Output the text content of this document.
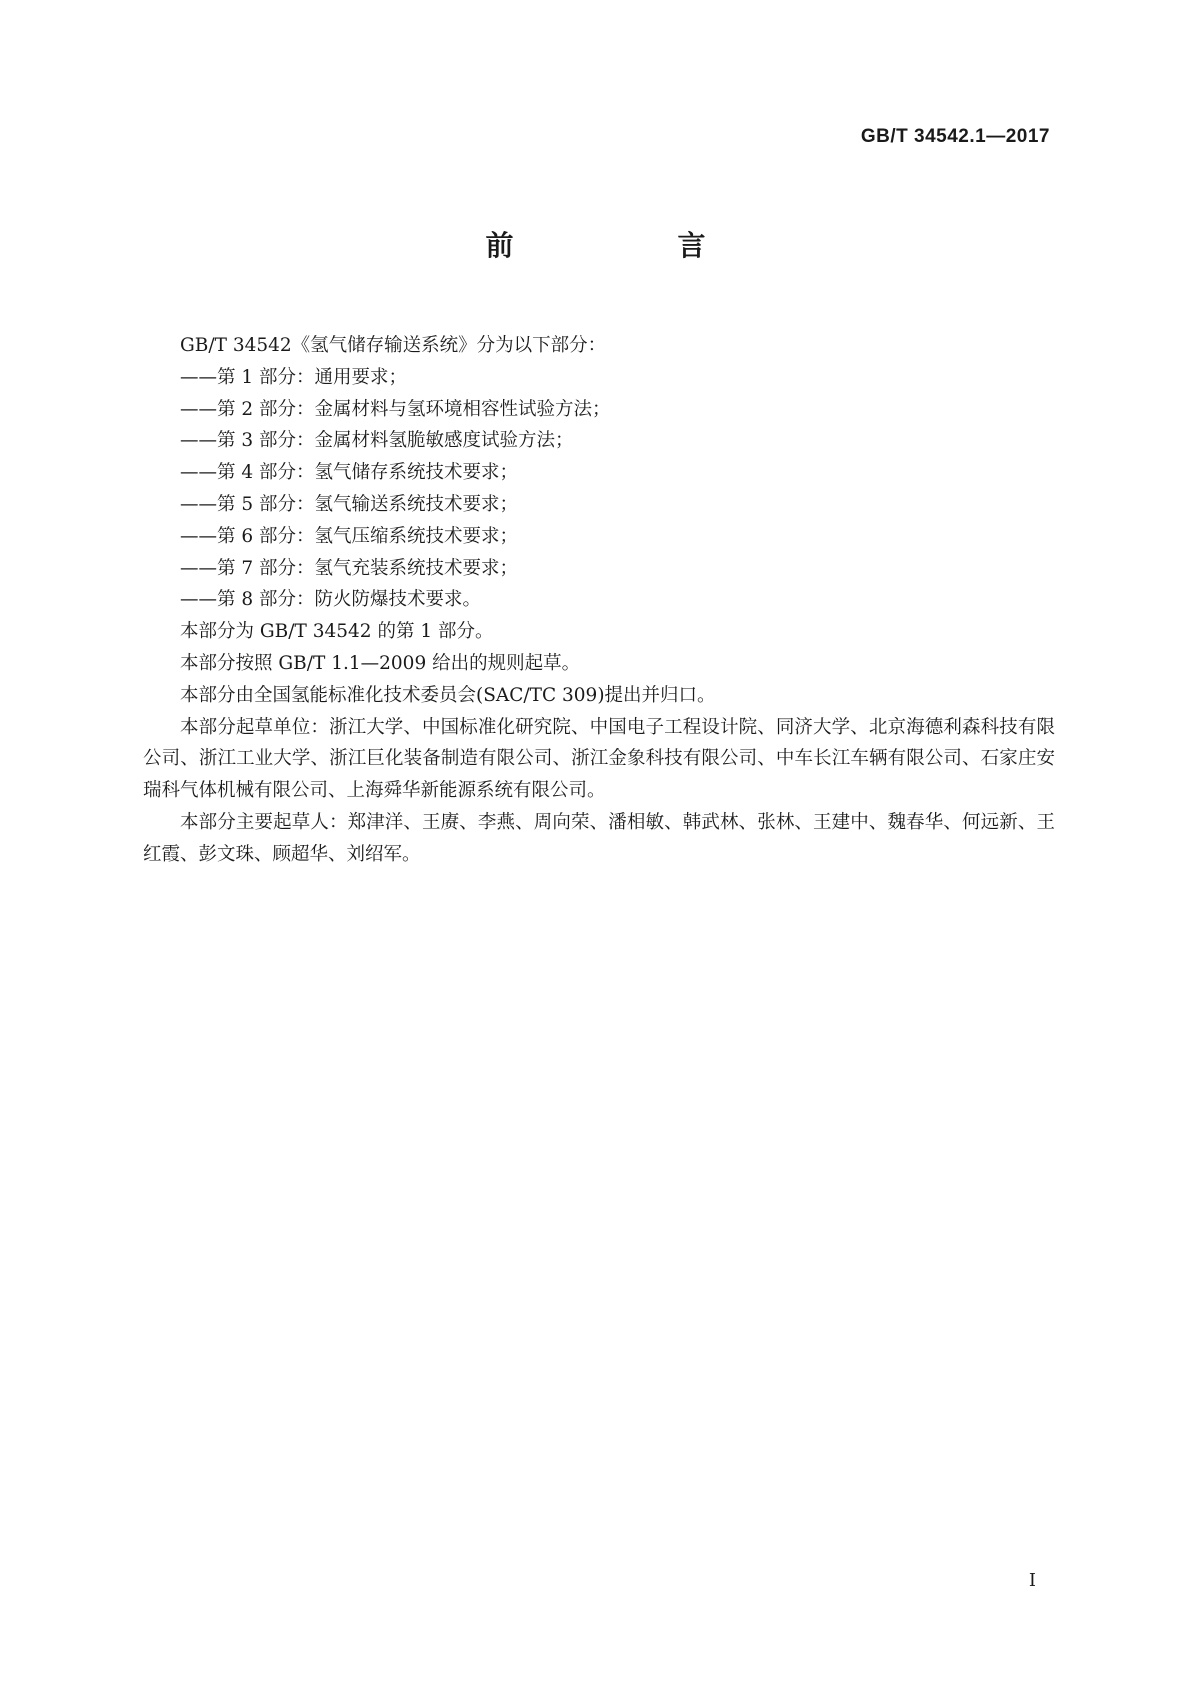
GB/T 34542.1—2017
前　　言

GB/T 34542《氢气储存输送系统》分为以下部分：

——第 1 部分：通用要求；

——第 2 部分：金属材料与氢环境相容性试验方法；

——第 3 部分：金属材料氢脆敏感度试验方法；

——第 4 部分：氢气储存系统技术要求；

——第 5 部分：氢气输送系统技术要求；

——第 6 部分：氢气压缩系统技术要求；

——第 7 部分：氢气充装系统技术要求；

——第 8 部分：防火防爆技术要求。

本部分为 GB/T 34542 的第 1 部分。

本部分按照 GB/T 1.1—2009 给出的规则起草。

本部分由全国氢能标准化技术委员会(SAC/TC 309)提出并归口。

本部分起草单位：浙江大学、中国标准化研究院、中国电子工程设计院、同济大学、北京海德利森科技有限公司、浙江工业大学、浙江巨化装备制造有限公司、浙江金象科技有限公司、中车长江车辆有限公司、石家庄安瑞科气体机械有限公司、上海舜华新能源系统有限公司。

本部分主要起草人：郑津洋、王赓、李燕、周向荣、潘相敏、韩武林、张林、王建中、魏春华、何远新、王红霞、彭文珠、顾超华、刘绍军。

I
